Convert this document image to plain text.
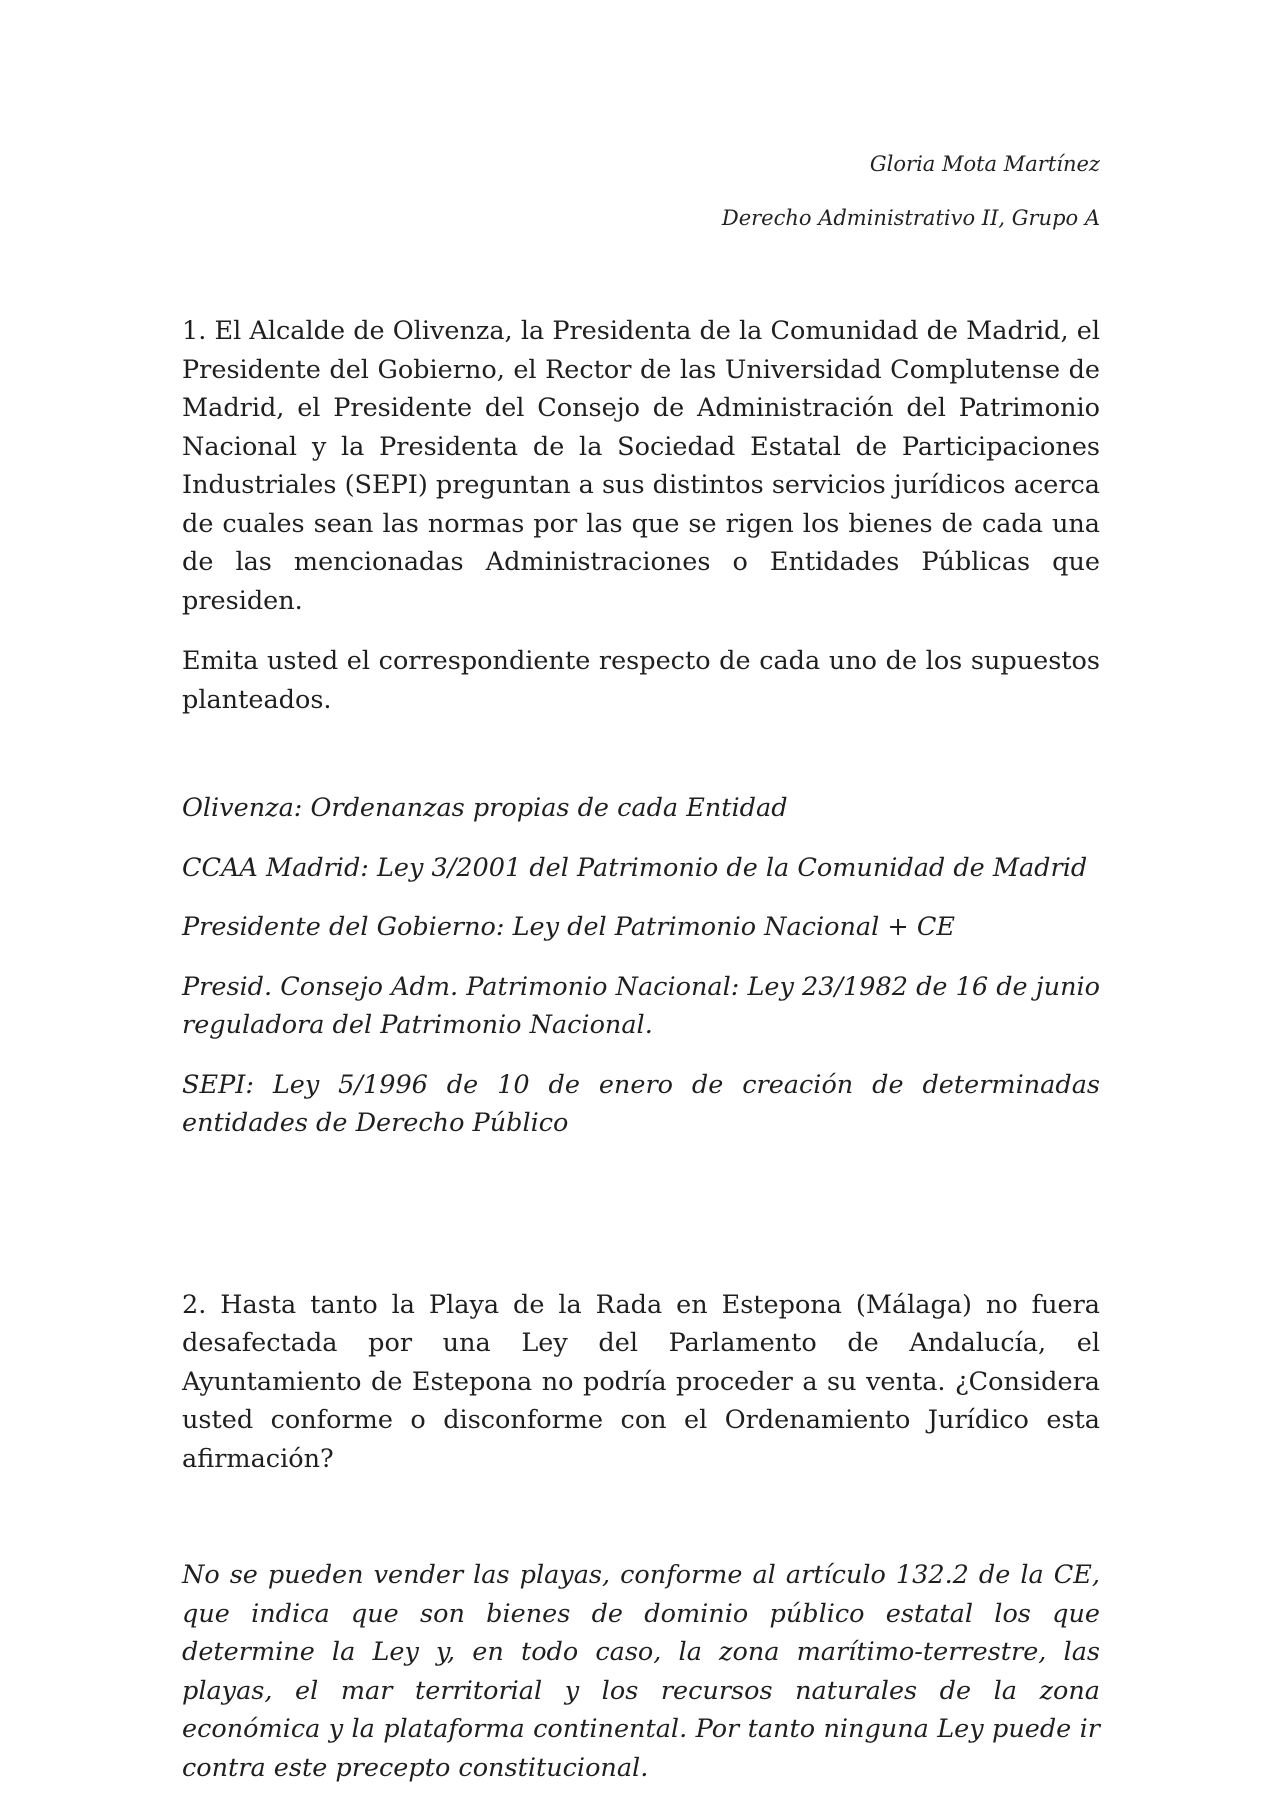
Gloria Mota Martínez

Derecho Administrativo II, Grupo A

1. El Alcalde de Olivenza, la Presidenta de la Comunidad de Madrid, el Presidente del Gobierno, el Rector de las Universidad Complutense de Madrid, el Presidente del Consejo de Administración del Patrimonio Nacional y la Presidenta de la Sociedad Estatal de Participaciones Industriales (SEPI) preguntan a sus distintos servicios jurídicos acerca de cuales sean las normas por las que se rigen los bienes de cada una de las mencionadas Administraciones o Entidades Públicas que presiden.

Emita usted el correspondiente respecto de cada uno de los supuestos planteados.

Olivenza: Ordenanzas propias de cada Entidad

CCAA Madrid: Ley 3/2001 del Patrimonio de la Comunidad de Madrid

Presidente del Gobierno: Ley del Patrimonio Nacional + CE

Presid. Consejo Adm. Patrimonio Nacional: Ley 23/1982 de 16 de junio reguladora del Patrimonio Nacional.

SEPI: Ley 5/1996 de 10 de enero de creación de determinadas entidades de Derecho Público

2. Hasta tanto la Playa de la Rada en Estepona (Málaga) no fuera desafectada por una Ley del Parlamento de Andalucía, el Ayuntamiento de Estepona no podría proceder a su venta. ¿Considera usted conforme o disconforme con el Ordenamiento Jurídico esta afirmación?

No se pueden vender las playas, conforme al artículo 132.2 de la CE, que indica que son bienes de dominio público estatal los que determine la Ley y, en todo caso, la zona marítimo-terrestre, las playas, el mar territorial y los recursos naturales de la zona económica y la plataforma continental. Por tanto ninguna Ley puede ir contra este precepto constitucional.
